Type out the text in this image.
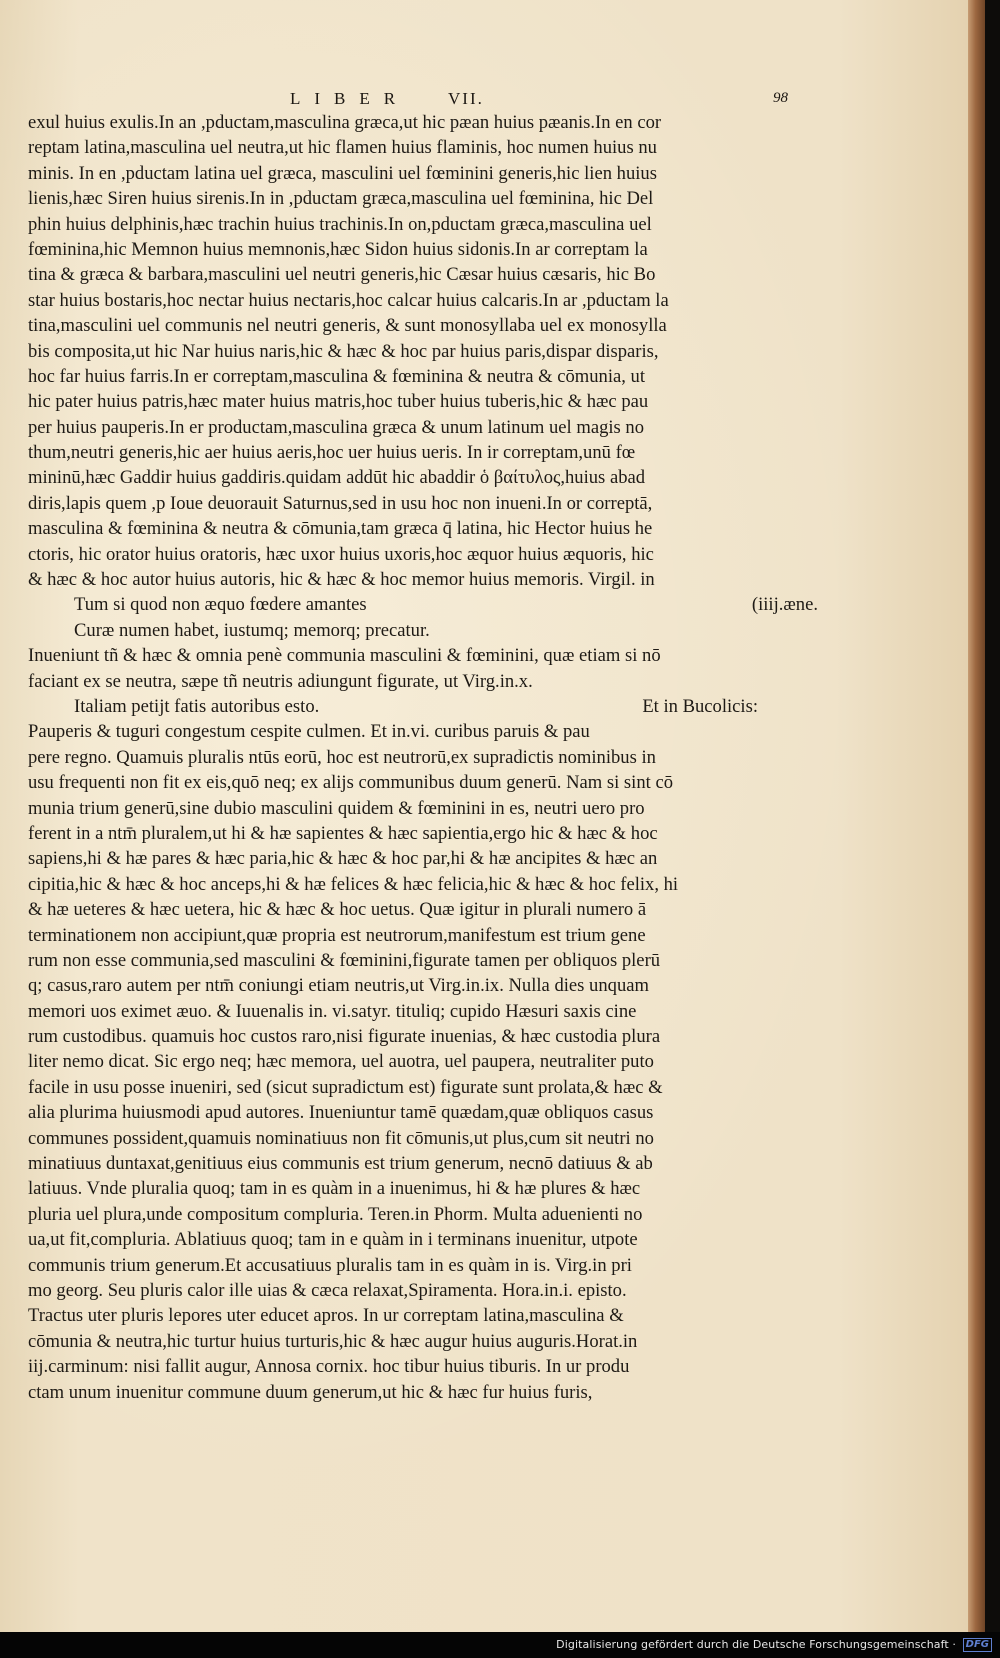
LIBER VII.	98
exul huius exulis.In an ,pductam,masculina græca,ut hic pæan huius pæanis.In en cor
reptam latina,masculina uel neutra,ut hic flamen huius flaminis, hoc numen huius nu
minis. In en ,pductam latina uel græca, masculini uel fœminini generis,hic lien huius
lienis,hæc Siren huius sirenis.In in ,pductam græca,masculina uel fœminina, hic Del
phin huius delphinis,hæc trachin huius trachinis.In on,pductam græca,masculina uel
fœminina,hic Memnon huius memnonis,hæc Sidon huius sidonis.In ar correptam la
tina & græca & barbara,masculini uel neutri generis,hic Cæsar huius cæsaris, hic Bo
star huius bostaris,hoc nectar huius nectaris,hoc calcar huius calcaris.In ar ,pductam la
tina,masculini uel communis nel neutri generis, & sunt monosyllaba uel ex monosylla
bis composita,ut hic Nar huius naris,hic & hæc & hoc par huius paris,dispar disparis,
hoc far huius farris.In er correptam,masculina & fœminina & neutra & cōmunia, ut
hic pater huius patris,hæc mater huius matris,hoc tuber huius tuberis,hic & hæc pau
per huius pauperis.In er productam,masculina græca & unum latinum uel magis no
thum,neutri generis,hic aer huius aeris,hoc uer huius ueris. In ir correptam,unū fœ
mininū,hæc Gaddir huius gaddiris.quidam addūt hic abaddir ὁ βαίτυλος,huius abad
diris,lapis quem ,p Ioue deuorauit Saturnus,sed in usu hoc non inueni.In or correptā,
masculina & fœminina & neutra & cōmunia,tam græca q̄ latina, hic Hector huius he
ctoris, hic orator huius oratoris, hæc uxor huius uxoris,hoc æquor huius æquoris, hic
& hæc & hoc autor huius autoris, hic & hæc & hoc memor huius memoris. Virgil. in
Tum si quod non æquo fœdere amantes	(iiij.æne.
Curæ numen habet, iustumq; memorq; precatur.
Inueniunt tñ & hæc & omnia penè communia masculini & fœminini, quæ etiam si nō
faciant ex se neutra, sæpe tñ neutris adiungunt figurate, ut Virg.in.x.
Italiam petijt fatis autoribus esto.	Et in Bucolicis:
Pauperis & tuguri congestum cespite culmen. Et in.vi. curibus paruis & pau
pere regno. Quamuis pluralis ntūs eorū, hoc est neutrorū,ex supradictis nominibus in
usu frequenti non fit ex eis,quō neq; ex alijs communibus duum generū. Nam si sint cō
munia trium generū,sine dubio masculini quidem & fœminini in es, neutri uero pro
ferent in a ntm̄ pluralem,ut hi & hæ sapientes & hæc sapientia,ergo hic & hæc & hoc
sapiens,hi & hæ pares & hæc paria,hic & hæc & hoc par,hi & hæ ancipites & hæc an
cipitia,hic & hæc & hoc anceps,hi & hæ felices & hæc felicia,hic & hæc & hoc felix, hi
& hæ ueteres & hæc uetera, hic & hæc & hoc uetus. Quæ igitur in plurali numero ā
terminationem non accipiunt,quæ propria est neutrorum,manifestum est trium gene
rum non esse communia,sed masculini & fœminini,figurate tamen per obliquos plerū
q; casus,raro autem per ntm̄ coniungi etiam neutris,ut Virg.in.ix. Nulla dies unquam
memori uos eximet æuo. & Iuuenalis in. vi.satyr. tituliq; cupido Hæsuri saxis cine
rum custodibus. quamuis hoc custos raro,nisi figurate inuenias, & hæc custodia plura
liter nemo dicat. Sic ergo neq; hæc memora, uel auotra, uel paupera, neutraliter puto
facile in usu posse inueniri, sed (sicut supradictum est) figurate sunt prolata,& hæc &
alia plurima huiusmodi apud autores. Inueniuntur tamē quædam,quæ obliquos casus
communes possident,quamuis nominatiuus non fit cōmunis,ut plus,cum sit neutri no
minatiuus duntaxat,genitiuus eius communis est trium generum, necnō datiuus & ab
latiuus. Vnde pluralia quoq; tam in es quàm in a inuenimus, hi & hæ plures & hæc
pluria uel plura,unde compositum compluria. Teren.in Phorm. Multa aduenienti no
ua,ut fit,compluria. Ablatiuus quoq; tam in e quàm in i terminans inuenitur, utpote
communis trium generum.Et accusatiuus pluralis tam in es quàm in is. Virg.in pri
mo georg. Seu pluris calor ille uias & cæca relaxat,Spiramenta. Hora.in.i. episto.
Tractus uter pluris lepores uter educet apros. In ur correptam latina,masculina &
cōmunia & neutra,hic turtur huius turturis,hic & hæc augur huius auguris.Horat.in
iij.carminum: nisi fallit augur, Annosa cornix. hoc tibur huius tiburis. In ur produ
ctam unum inuenitur commune duum generum,ut hic & hæc fur huius furis,
Digitalisierung gefördert durch die Deutsche Forschungsgemeinschaft · DFG
